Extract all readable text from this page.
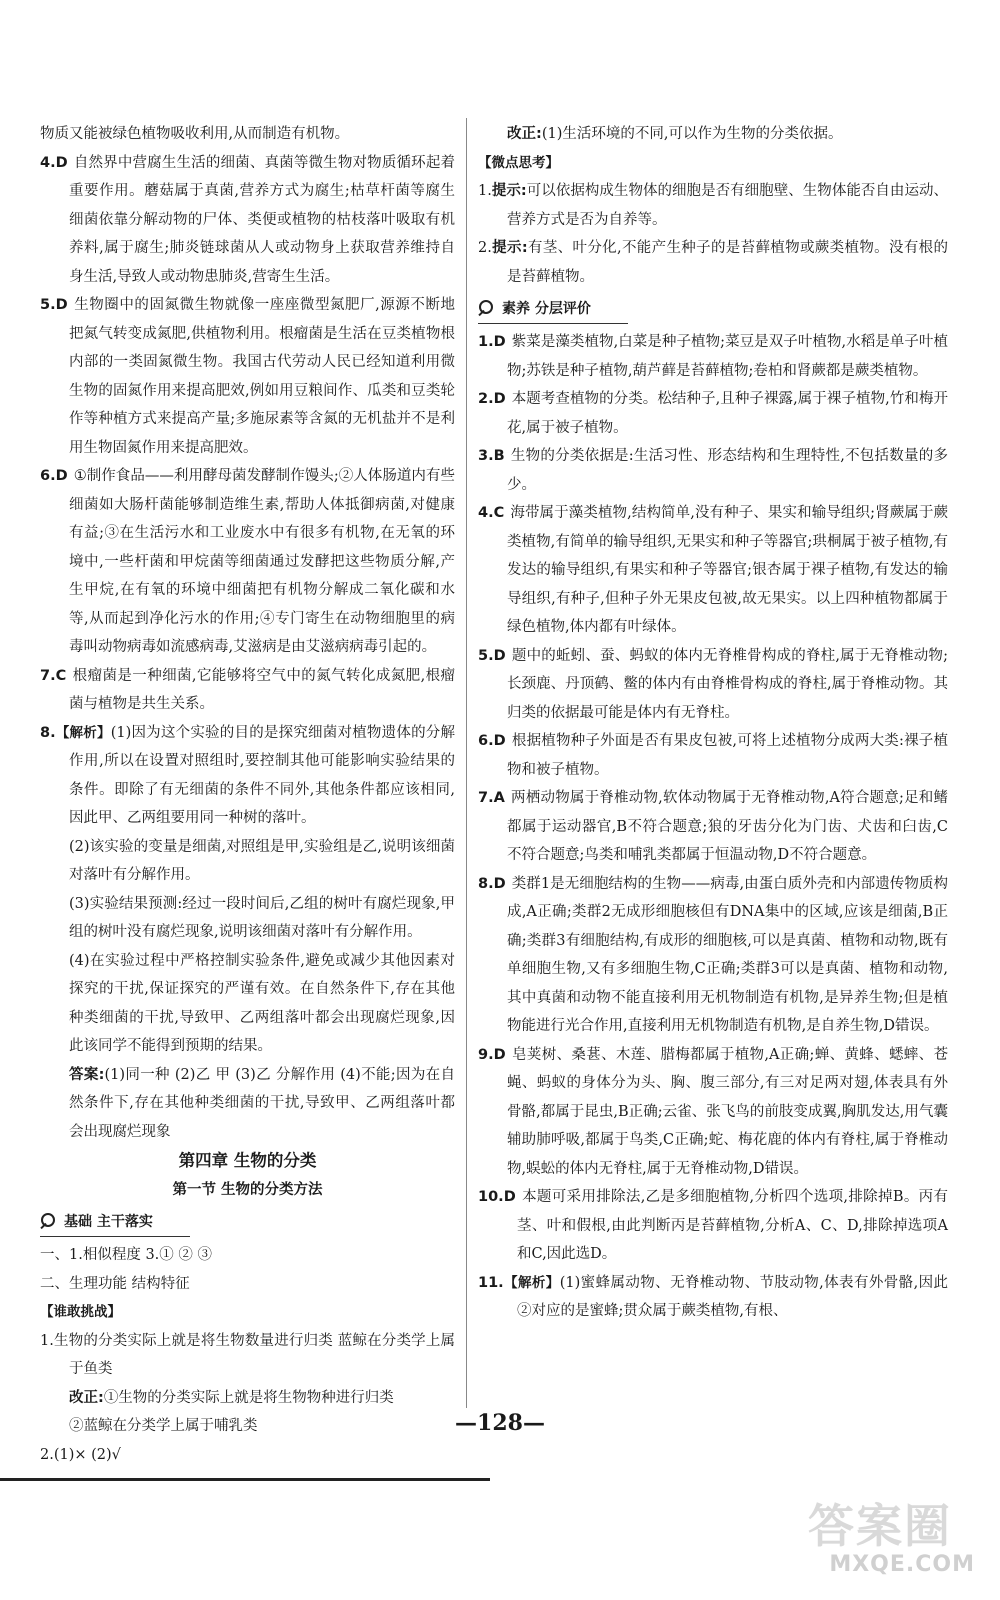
物质又能被绿色植物吸收利用,从而制造有机物。

4.D 自然界中营腐生生活的细菌、真菌等微生物对物质循环起着重要作用。蘑菇属于真菌,营养方式为腐生;枯草杆菌等腐生细菌依靠分解动物的尸体、类便或植物的枯枝落叶吸取有机养料,属于腐生;肺炎链球菌从人或动物身上获取营养维持自身生活,导致人或动物患肺炎,营寄生生活。

5.D 生物圈中的固氮微生物就像一座座微型氮肥厂,源源不断地把氮气转变成氮肥,供植物利用。根瘤菌是生活在豆类植物根内部的一类固氮微生物。我国古代劳动人民已经知道利用微生物的固氮作用来提高肥效,例如用豆粮间作、瓜类和豆类轮作等种植方式来提高产量;多施尿素等含氮的无机盐并不是利用生物固氮作用来提高肥效。

6.D ①制作食品——利用酵母菌发酵制作馒头;②人体肠道内有些细菌如大肠杆菌能够制造维生素,帮助人体抵御病菌,对健康有益;③在生活污水和工业废水中有很多有机物,在无氧的环境中,一些杆菌和甲烷菌等细菌通过发酵把这些物质分解,产生甲烷,在有氧的环境中细菌把有机物分解成二氧化碳和水等,从而起到净化污水的作用;④专门寄生在动物细胞里的病毒叫动物病毒如流感病毒,艾滋病是由艾滋病病毒引起的。

7.C 根瘤菌是一种细菌,它能够将空气中的氮气转化成氮肥,根瘤菌与植物是共生关系。

8.【解析】(1)因为这个实验的目的是探究细菌对植物遗体的分解作用,所以在设置对照组时,要控制其他可能影响实验结果的条件。即除了有无细菌的条件不同外,其他条件都应该相同,因此甲、乙两组要用同一种树的落叶。

(2)该实验的变量是细菌,对照组是甲,实验组是乙,说明该细菌对落叶有分解作用。

(3)实验结果预测:经过一段时间后,乙组的树叶有腐烂现象,甲组的树叶没有腐烂现象,说明该细菌对落叶有分解作用。

(4)在实验过程中严格控制实验条件,避免或减少其他因素对探究的干扰,保证探究的严谨有效。在自然条件下,存在其他种类细菌的干扰,导致甲、乙两组落叶都会出现腐烂现象,因此该同学不能得到预期的结果。

答案:(1)同一种 (2)乙 甲 (3)乙 分解作用 (4)不能;因为在自然条件下,存在其他种类细菌的干扰,导致甲、乙两组落叶都会出现腐烂现象

第四章 生物的分类

第一节 生物的分类方法

基础 主干落实

一、1.相似程度 3.① ② ③

二、生理功能 结构特征

【谁敢挑战】

1.生物的分类实际上就是将生物数量进行归类 蓝鲸在分类学上属于鱼类

改正:①生物的分类实际上就是将生物物种进行归类

②蓝鲸在分类学上属于哺乳类

2.(1)× (2)√

改正:(1)生活环境的不同,可以作为生物的分类依据。

【微点思考】

1.提示:可以依据构成生物体的细胞是否有细胞壁、生物体能否自由运动、营养方式是否为自养等。

2.提示:有茎、叶分化,不能产生种子的是苔藓植物或蕨类植物。没有根的是苔藓植物。

素养 分层评价

1.D 紫菜是藻类植物,白菜是种子植物;菜豆是双子叶植物,水稻是单子叶植物;苏铁是种子植物,葫芦藓是苔藓植物;卷柏和肾蕨都是蕨类植物。

2.D 本题考查植物的分类。松结种子,且种子裸露,属于裸子植物,竹和梅开花,属于被子植物。

3.B 生物的分类依据是:生活习性、形态结构和生理特性,不包括数量的多少。

4.C 海带属于藻类植物,结构简单,没有种子、果实和输导组织;肾蕨属于蕨类植物,有简单的输导组织,无果实和种子等器官;珙桐属于被子植物,有发达的输导组织,有果实和种子等器官;银杏属于裸子植物,有发达的输导组织,有种子,但种子外无果皮包被,故无果实。以上四种植物都属于绿色植物,体内都有叶绿体。

5.D 题中的蚯蚓、蚕、蚂蚁的体内无脊椎骨构成的脊柱,属于无脊椎动物;长颈鹿、丹顶鹤、鳖的体内有由脊椎骨构成的脊柱,属于脊椎动物。其归类的依据最可能是体内有无脊柱。

6.D 根据植物种子外面是否有果皮包被,可将上述植物分成两大类:裸子植物和被子植物。

7.A 两栖动物属于脊椎动物,软体动物属于无脊椎动物,A符合题意;足和鳍都属于运动器官,B不符合题意;狼的牙齿分化为门齿、犬齿和臼齿,C不符合题意;鸟类和哺乳类都属于恒温动物,D不符合题意。

8.D 类群1是无细胞结构的生物——病毒,由蛋白质外壳和内部遗传物质构成,A正确;类群2无成形细胞核但有DNA集中的区域,应该是细菌,B正确;类群3有细胞结构,有成形的细胞核,可以是真菌、植物和动物,既有单细胞生物,又有多细胞生物,C正确;类群3可以是真菌、植物和动物,其中真菌和动物不能直接利用无机物制造有机物,是异养生物;但是植物能进行光合作用,直接利用无机物制造有机物,是自养生物,D错误。

9.D 皂荚树、桑葚、木莲、腊梅都属于植物,A正确;蝉、黄蜂、蟋蟀、苍蝇、蚂蚁的身体分为头、胸、腹三部分,有三对足两对翅,体表具有外骨骼,都属于昆虫,B正确;云雀、张飞鸟的前肢变成翼,胸肌发达,用气囊辅助肺呼吸,都属于鸟类,C正确;蛇、梅花鹿的体内有脊柱,属于脊椎动物,蜈蚣的体内无脊柱,属于无脊椎动物,D错误。

10.D 本题可采用排除法,乙是多细胞植物,分析四个选项,排除掉B。丙有茎、叶和假根,由此判断丙是苔藓植物,分析A、C、D,排除掉选项A和C,因此选D。

11.【解析】(1)蜜蜂属动物、无脊椎动物、节肢动物,体表有外骨骼,因此②对应的是蜜蜂;贯众属于蕨类植物,有根、

—128—
答案圈
MXQE.COM
